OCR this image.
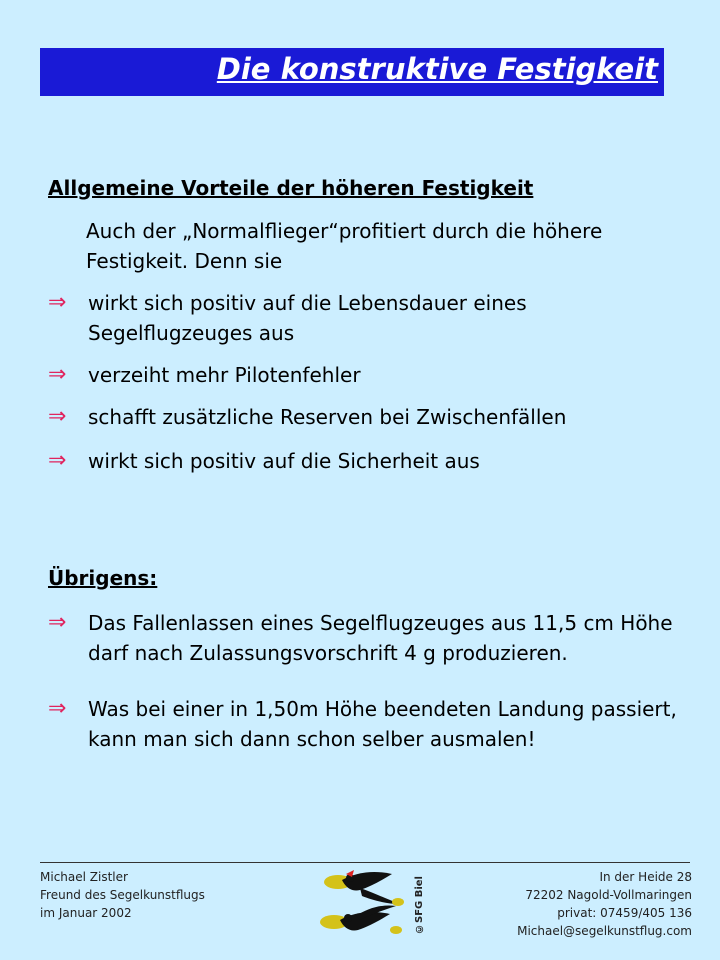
Die konstruktive Festigkeit
Allgemeine Vorteile der höheren Festigkeit
Auch der „Normalflieger“profitiert durch die höhere Festigkeit. Denn sie
⇒	wirkt sich positiv auf die Lebensdauer eines Segelflugzeuges aus
⇒	verzeiht mehr Pilotenfehler
⇒	schafft zusätzliche Reserven bei Zwischenfällen
⇒	wirkt sich positiv auf die Sicherheit aus
Übrigens:
⇒	Das Fallenlassen eines Segelflugzeuges aus 11,5 cm Höhe darf nach Zulassungsvorschrift 4 g produzieren.
⇒	Was bei einer in 1,50m Höhe beendeten Landung passiert, kann man sich dann schon selber ausmalen!
Michael Zistler
Freund des Segelkunstflugs
im Januar 2002	©SFG Biel	In der Heide 28
72202 Nagold-Vollmaringen
privat: 07459/405 136
Michael@segelkunstflug.com
